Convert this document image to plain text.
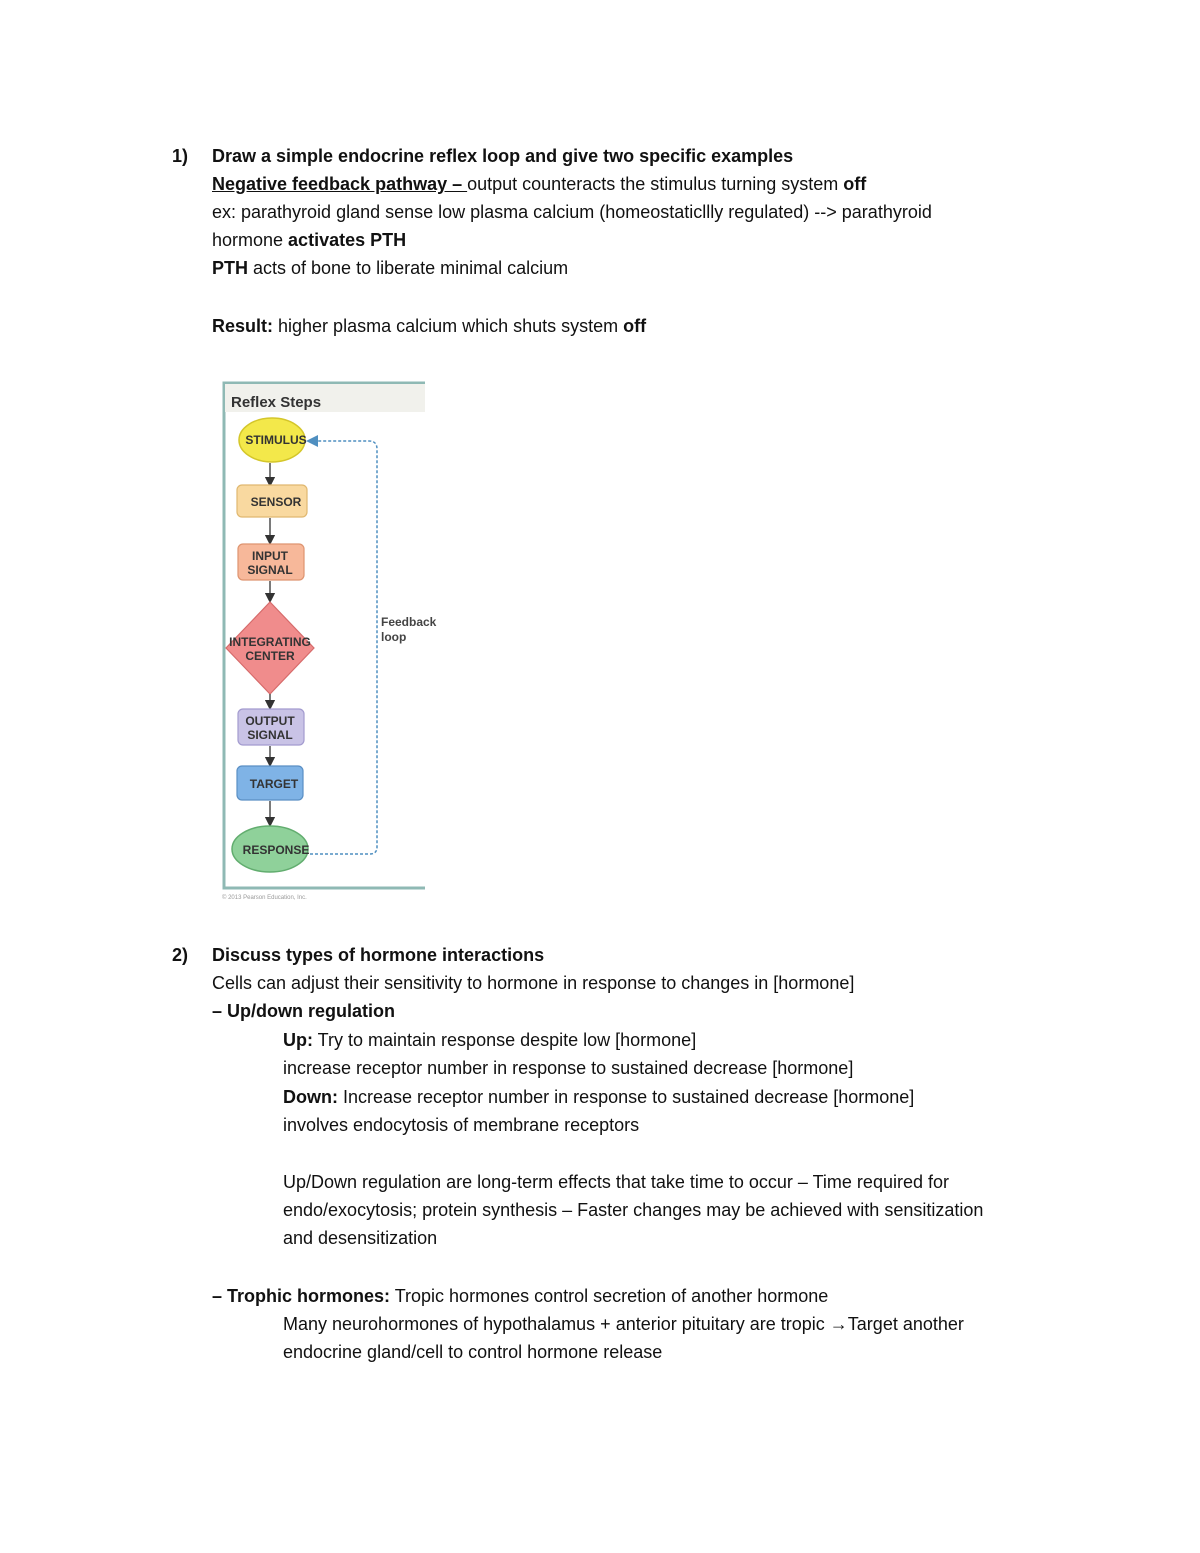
1) Draw a simple endocrine reflex loop and give two specific examples
Negative feedback pathway – output counteracts the stimulus turning system off
ex: parathyroid gland sense low plasma calcium (homeostaticllly regulated) --> parathyroid
hormone activates PTH
PTH acts of bone to liberate minimal calcium
Result: higher plasma calcium which shuts system off
Reflex Steps
STIMULUS
SENSOR
INPUT
SIGNAL
INTEGRATING
CENTER
OUTPUT
SIGNAL
TARGET
RESPONSE
Feedback
loop
© 2013 Pearson Education, Inc.
2) Discuss types of hormone interactions
Cells can adjust their sensitivity to hormone in response to changes in [hormone]
– Up/down regulation
Up: Try to maintain response despite low [hormone]
increase receptor number in response to sustained decrease [hormone]
Down: Increase receptor number in response to sustained decrease [hormone]
involves endocytosis of membrane receptors
Up/Down regulation are long-term effects that take time to occur – Time required for
endo/exocytosis; protein synthesis – Faster changes may be achieved with sensitization
and desensitization
– Trophic hormones: Tropic hormones control secretion of another hormone
Many neurohormones of hypothalamus + anterior pituitary are tropic →Target another
endocrine gland/cell to control hormone release
